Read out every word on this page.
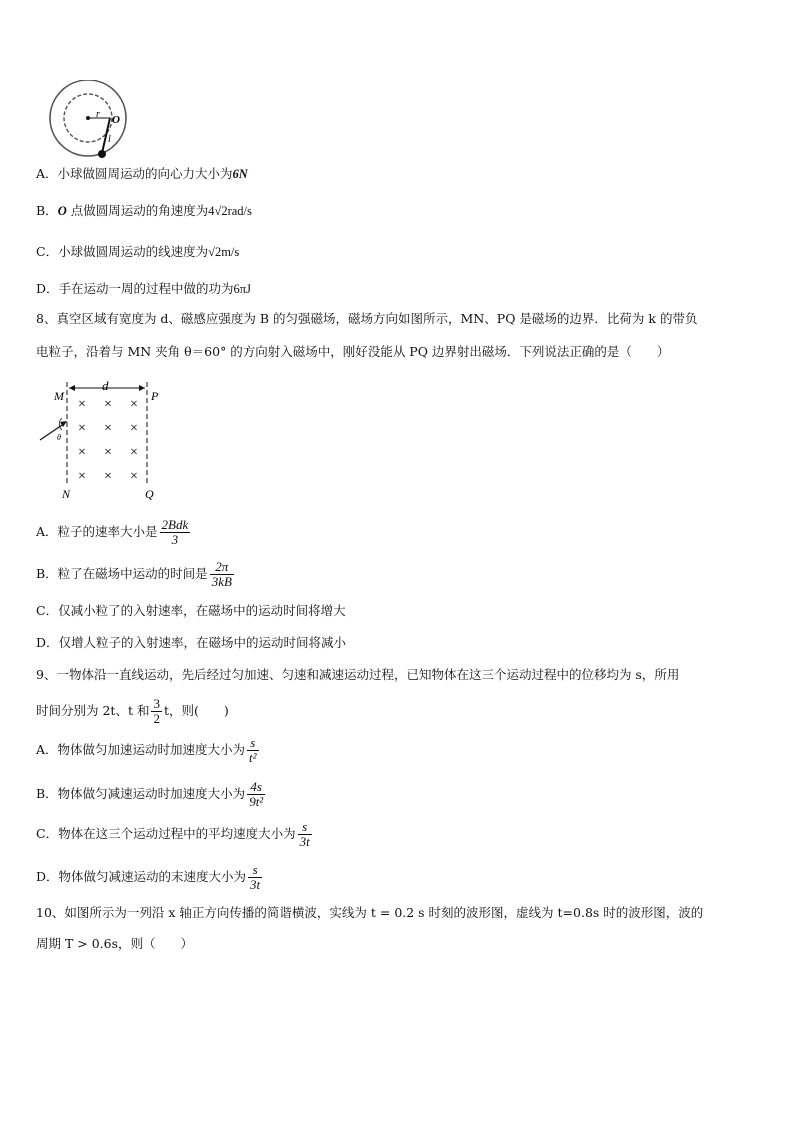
r O
l
A．小球做圆周运动的向心力大小为6N
B．O 点做圆周运动的角速度为4√2rad/s
C．小球做圆周运动的线速度为√2m/s
D．手在运动一周的过程中做的功为6πJ
8、真空区域有宽度为 d、磁感应强度为 B 的匀强磁场，磁场方向如图所示，MN、PQ 是磁场的边界．比荷为 k 的带负
电粒子，沿着与 MN 夹角 θ＝60° 的方向射入磁场中，刚好没能从 PQ 边界射出磁场．下列说法正确的是（　　）
d
M	P
N	Q
× × ×
× × ×
× × ×
× × ×
θ
A．粒子的速率大小是 $\frac{\text{2Bdk}}{3}$
B．粒了在磁场中运动的时间是 $\frac{2\pi}{3kB}$
C．仅减小粒了的入射速率，在磁场中的运动时间将增大
D．仅增人粒子的入射速率，在磁场中的运动时间将减小
9、一物体沿一直线运动，先后经过匀加速、匀速和减速运动过程，已知物体在这三个运动过程中的位移均为 s，所用
时间分别为 2t、t 和 $\frac{3}{2}$ t，则(　　)
A．物体做匀加速运动时加速度大小为 $\frac{s}{\text{t²}}$
B．物体做匀减速运动时加速度大小为 $\frac{4s}{\text{9t²}}$
C．物体在这三个运动过程中的平均速度大小为 $\frac{s}{3t}$
D．物体做匀减速运动的末速度大小为 $\frac{s}{3t}$
10、如图所示为一列沿 x 轴正方向传播的简谐横波，实线为 t = 0.2 s 时刻的波形图，虚线为 t=0.8s 时的波形图，波的
周期 T > 0.6s，则（　　）
